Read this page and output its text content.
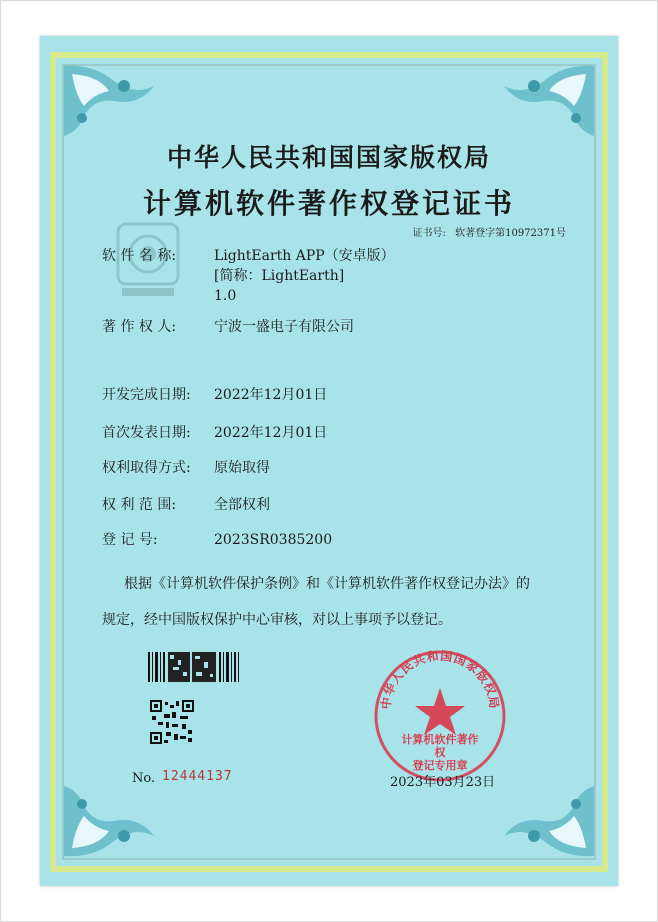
中华人民共和国国家版权局
计算机软件著作权登记证书
证书号: 软著登字第10972371号
软 件 名 称:	LightEarth APP（安卓版）
[简称：LightEarth]
1.0
著 作 权 人:	宁波一盛电子有限公司
开发完成日期:	2022年12月01日
首次发表日期:	2022年12月01日
权利取得方式:	原始取得
权 利 范 围:	全部权利
登 记 号:	2023SR0385200
根据《计算机软件保护条例》和《计算机软件著作权登记办法》的
规定，经中国版权保护中心审核，对以上事项予以登记。
中华人民共和国国家版权局
计算机软件著作权
登记专用章
No. 12444137	2023年03月23日
